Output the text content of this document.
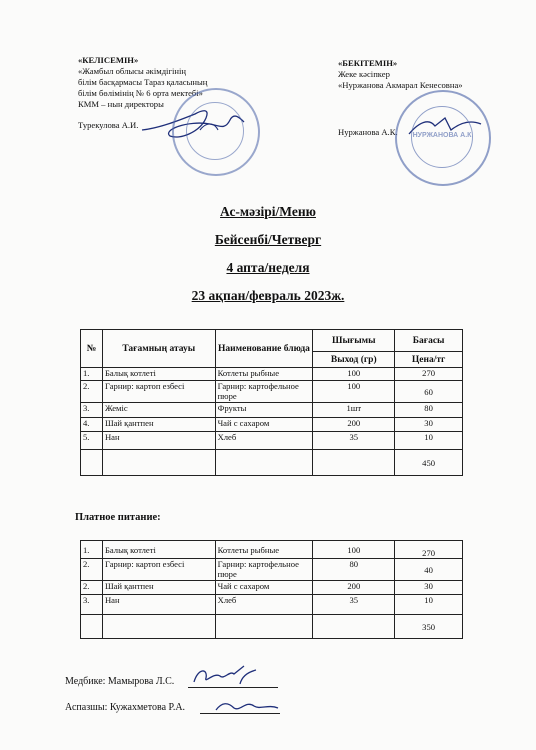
«КЕЛІСЕМІН»
«Жамбыл облысы әкімдігінің
білім басқармасы Тараз қаласының
білім бөлімінің № 6 орта мектебі»
КММ – нын директоры
Турекулова А.И.
«БЕКІТЕМІН»
Жеке кәсіпкер
«Нуржанова Акмарал Кенесовна»
Нуржанова А.К.	НУРЖАНОВА А.К.
Ас-мәзірі/Меню
Бейсенбі/Четверг
4 апта/неделя
23 ақпан/февраль 2023ж.
№	Тағамның атауы	Наименование блюда	Шығымы	Бағасы
			Выход (гр)	Цена/тг
1.	Балық котлеті	Котлеты рыбные	100	270
2.	Гарнир: картоп езбесі	Гарнир: картофельное пюре	100	60
3.	Жеміс	Фрукты	1шт	80
4.	Шай қантпен	Чай с сахаром	200	30
5.	Нан	Хлеб	35	10
				450
Платное питание:
1.	Балық котлеті	Котлеты рыбные	100	270
2.	Гарнир: картоп езбесі	Гарнир: картофельное пюре	80	40
2.	Шай қантпен	Чай с сахаром	200	30
3.	Нан	Хлеб	35	10
				350
Медбике: Мамырова Л.С.
Аспазшы: Кужахметова Р.А.
